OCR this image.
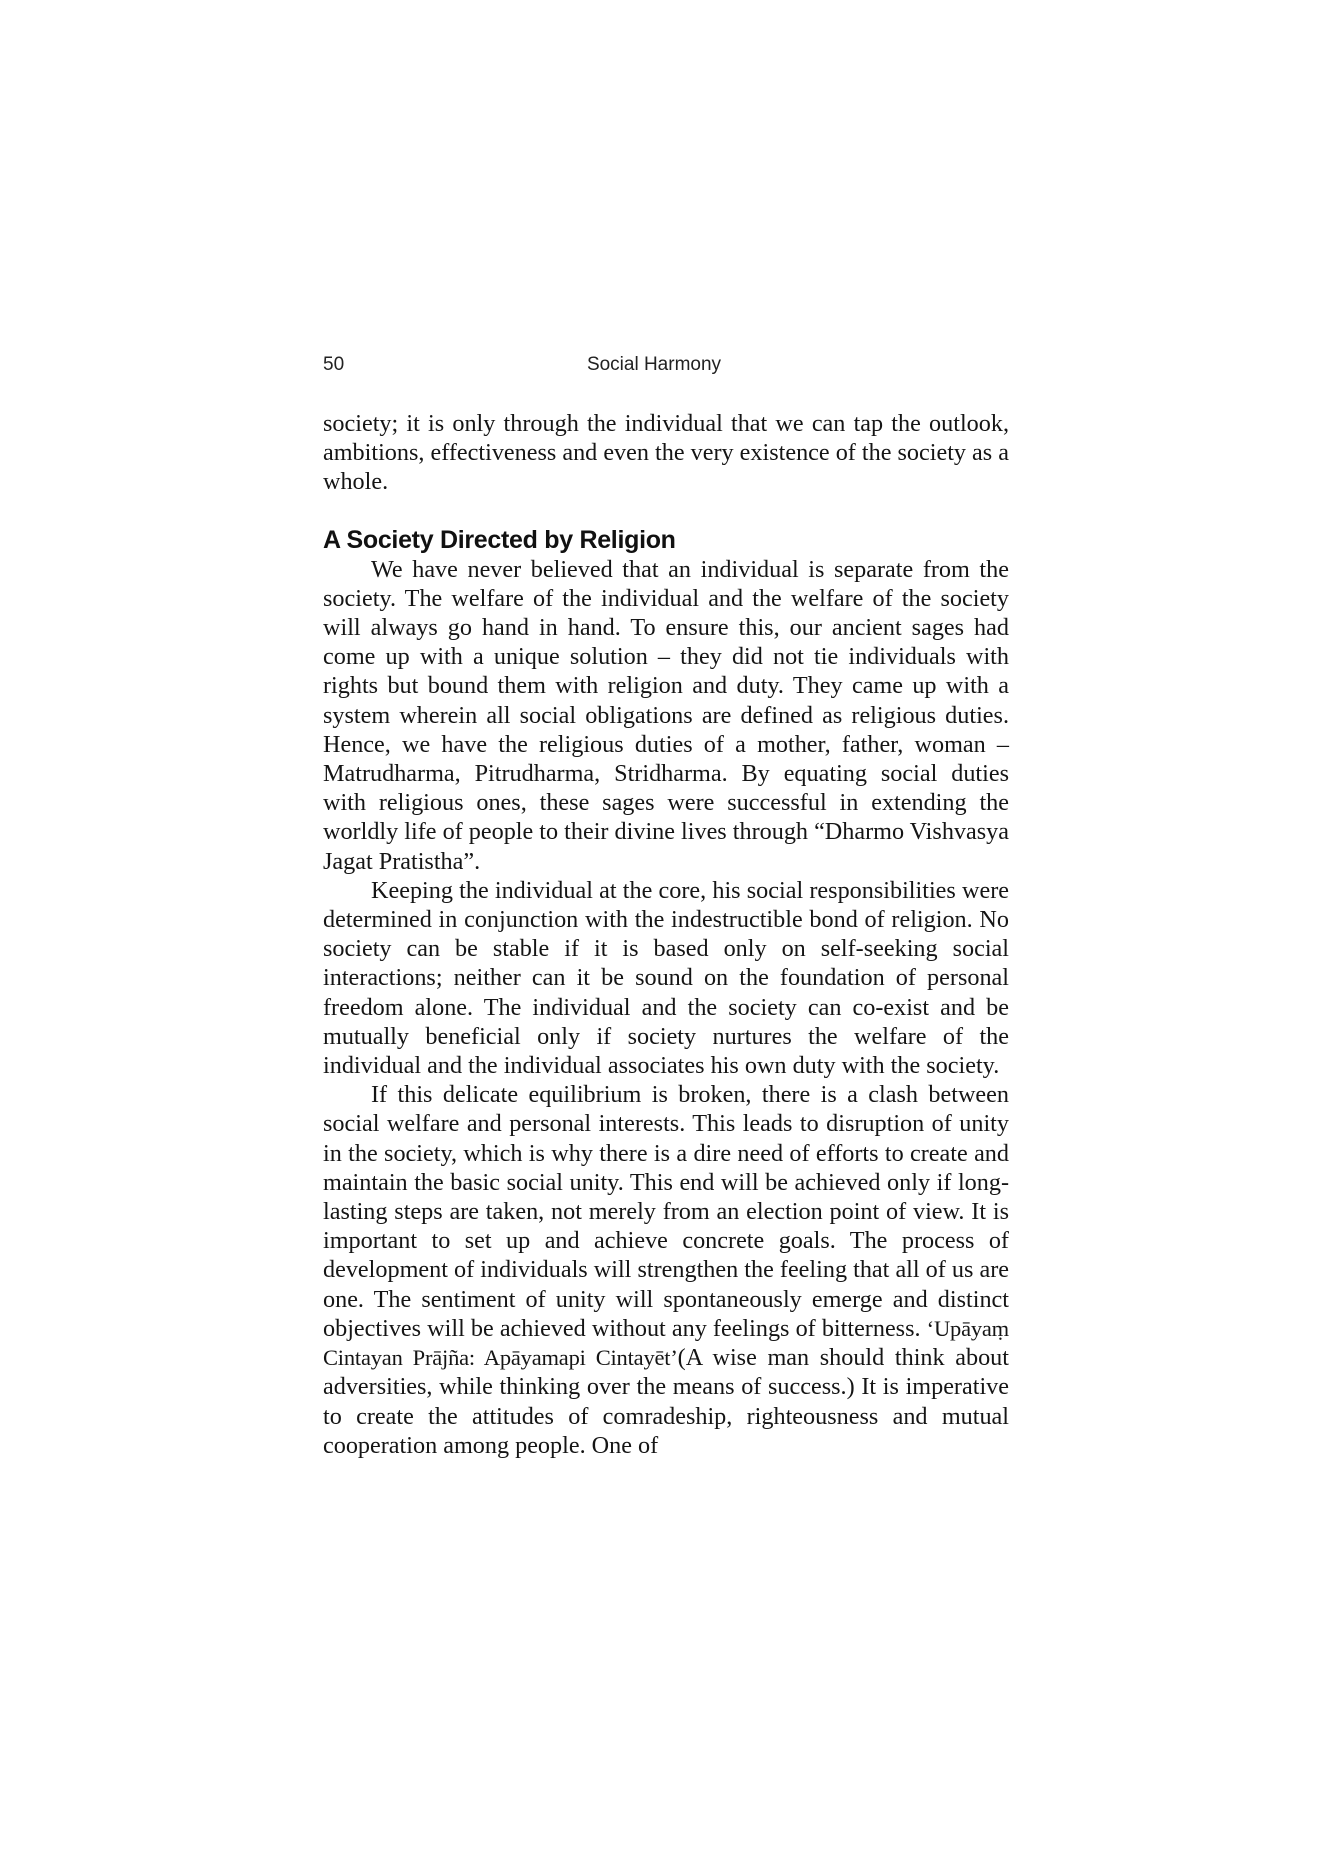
50	Social Harmony

society; it is only through the individual that we can tap the outlook, ambitions, effectiveness and even the very existence of the society as a whole.

A Society Directed by Religion

We have never believed that an individual is separate from the society. The welfare of the individual and the welfare of the society will always go hand in hand. To ensure this, our ancient sages had come up with a unique solution – they did not tie individuals with rights but bound them with religion and duty. They came up with a system wherein all social obligations are defined as religious duties. Hence, we have the religious duties of a mother, father, woman – Matrudharma, Pitrudharma, Stridharma. By equating social duties with religious ones, these sages were successful in extending the worldly life of people to their divine lives through “Dharmo Vishvasya Jagat Pratistha”.

Keeping the individual at the core, his social responsibilities were determined in conjunction with the indestructible bond of religion. No society can be stable if it is based only on self-seeking social interactions; neither can it be sound on the foundation of personal freedom alone. The individual and the society can co-exist and be mutually beneficial only if society nurtures the welfare of the individual and the individual associates his own duty with the society.

If this delicate equilibrium is broken, there is a clash between social welfare and personal interests. This leads to disruption of unity in the society, which is why there is a dire need of efforts to create and maintain the basic social unity. This end will be achieved only if long-lasting steps are taken, not merely from an election point of view. It is important to set up and achieve concrete goals. The process of development of individuals will strengthen the feeling that all of us are one. The sentiment of unity will spontaneously emerge and distinct objectives will be achieved without any feelings of bitterness. ‘Upāyaṃ Cintayan Prājña: Apāyamapi Cintayēt’(A wise man should think about adversities, while thinking over the means of success.) It is imperative to create the attitudes of comradeship, righteousness and mutual cooperation among people. One of
